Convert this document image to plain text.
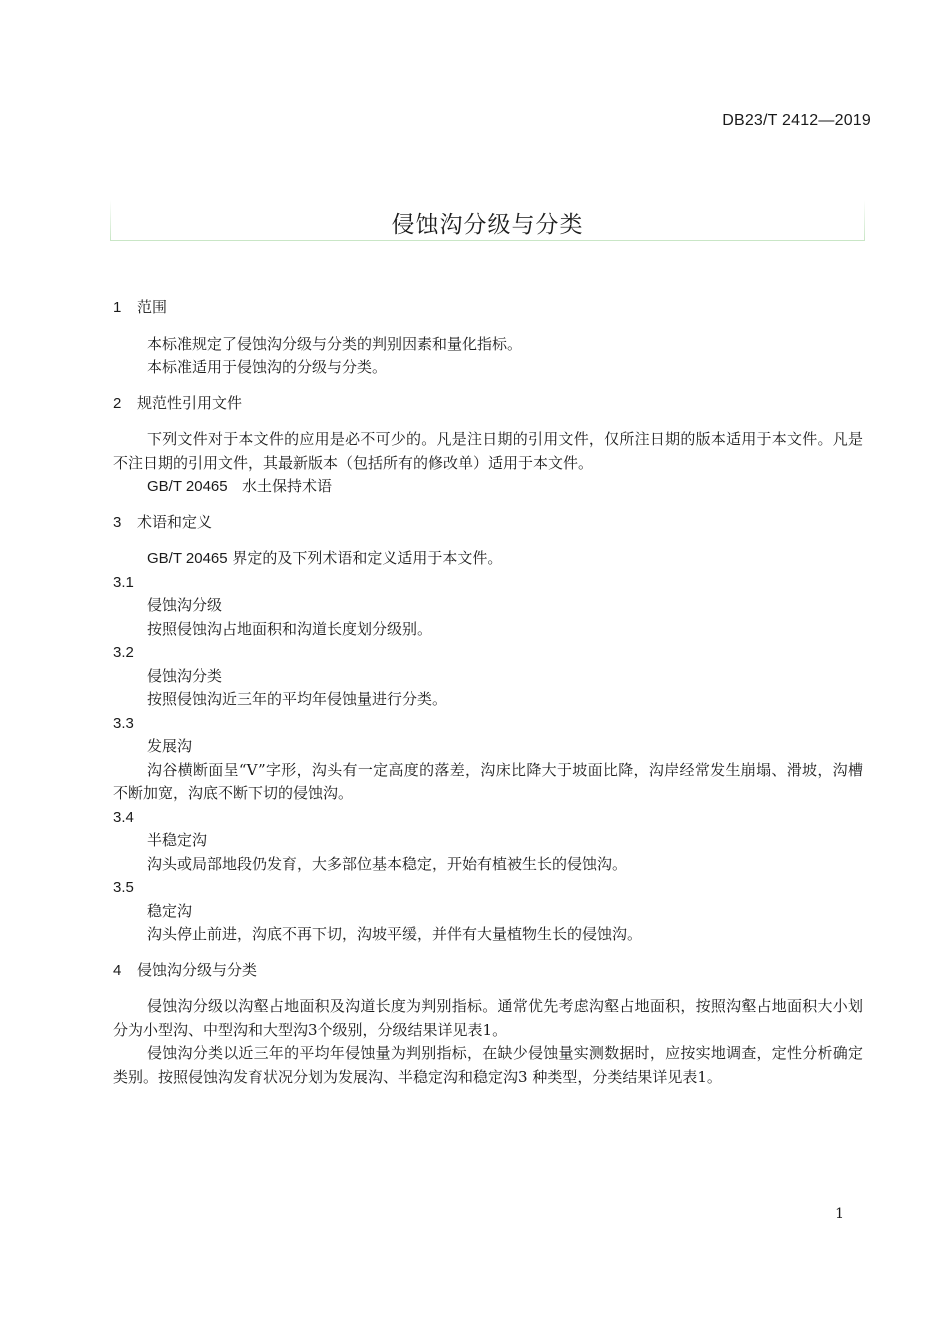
DB23/T 2412—2019
侵蚀沟分级与分类

1 范围

本标准规定了侵蚀沟分级与分类的判别因素和量化指标。

本标准适用于侵蚀沟的分级与分类。

2 规范性引用文件

下列文件对于本文件的应用是必不可少的。凡是注日期的引用文件，仅所注日期的版本适用于本文件。凡是不注日期的引用文件，其最新版本（包括所有的修改单）适用于本文件。

GB/T 20465 水土保持术语

3 术语和定义

GB/T 20465 界定的及下列术语和定义适用于本文件。

3.1

侵蚀沟分级

按照侵蚀沟占地面积和沟道长度划分级别。

3.2

侵蚀沟分类

按照侵蚀沟近三年的平均年侵蚀量进行分类。

3.3

发展沟

沟谷横断面呈“V”字形，沟头有一定高度的落差，沟床比降大于坡面比降，沟岸经常发生崩塌、滑坡，沟槽不断加宽，沟底不断下切的侵蚀沟。

3.4

半稳定沟

沟头或局部地段仍发育，大多部位基本稳定，开始有植被生长的侵蚀沟。

3.5

稳定沟

沟头停止前进，沟底不再下切，沟坡平缓，并伴有大量植物生长的侵蚀沟。

4 侵蚀沟分级与分类

侵蚀沟分级以沟壑占地面积及沟道长度为判别指标。通常优先考虑沟壑占地面积，按照沟壑占地面积大小划分为小型沟、中型沟和大型沟3个级别，分级结果详见表1。

侵蚀沟分类以近三年的平均年侵蚀量为判别指标，在缺少侵蚀量实测数据时，应按实地调查，定性分析确定类别。按照侵蚀沟发育状况分划为发展沟、半稳定沟和稳定沟3 种类型，分类结果详见表1。

1
